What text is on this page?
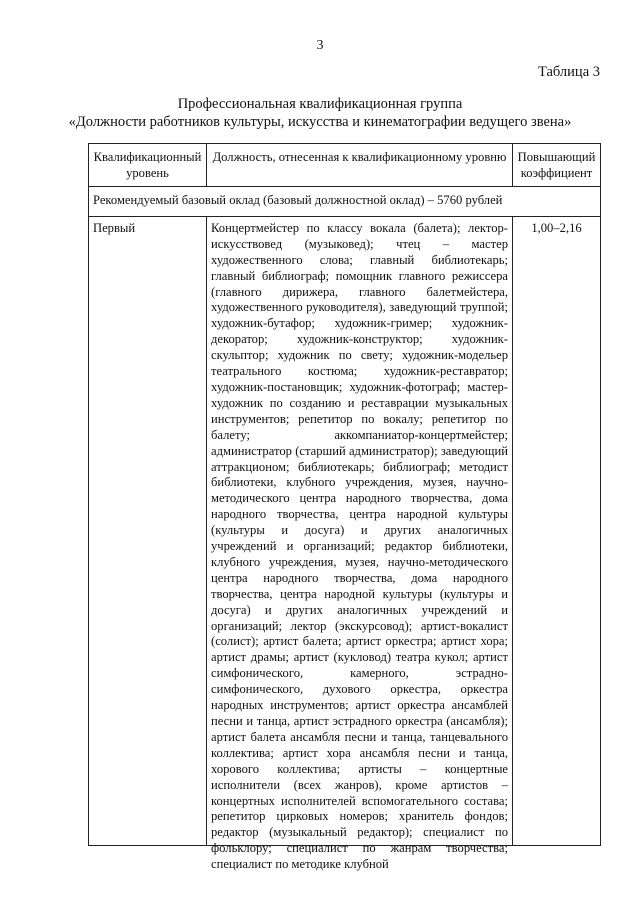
3
Таблица 3
Профессиональная квалификационная группа
«Должности работников культуры, искусства и кинематографии ведущего звена»
Квалификационный уровень	Должность, отнесенная к квалификационному уровню	Повышающий коэффициент
Рекомендуемый базовый оклад (базовый должностной оклад) – 5760 рублей		
Первый	Концертмейстер по классу вокала (балета); лектор-искусствовед (музыковед); чтец – мастер художественного слова; главный библиотекарь; главный библиограф; помощник главного режиссера (главного дирижера, главного балетмейстера, художественного руководителя), заведующий труппой; художник-бутафор; художник-гример; художник-декоратор; художник-конструктор; художник-скульптор; художник по свету; художник-модельер театрального костюма; художник-реставратор; художник-постановщик; художник-фотограф; мастер-художник по созданию и реставрации музыкальных инструментов; репетитор по вокалу; репетитор по балету; аккомпаниатор-концертмейстер; администратор (старший администратор); заведующий аттракционом; библиотекарь; библиограф; методист библиотеки, клубного учреждения, музея, научно-методического центра народного творчества, дома народного творчества, центра народной культуры (культуры и досуга) и других аналогичных учреждений и организаций; редактор библиотеки, клубного учреждения, музея, научно-методического центра народного творчества, дома народного творчества, центра народной культуры (культуры и досуга) и других аналогичных учреждений и организаций; лектор (экскурсовод); артист-вокалист (солист); артист балета; артист оркестра; артист хора; артист драмы; артист (кукловод) театра кукол; артист симфонического, камерного, эстрадно-симфонического, духового оркестра, оркестра народных инструментов; артист оркестра ансамблей песни и танца, артист эстрадного оркестра (ансамбля); артист балета ансамбля песни и танца, танцевального коллектива; артист хора ансамбля песни и танца, хорового коллектива; артисты – концертные исполнители (всех жанров), кроме артистов – концертных исполнителей вспомогательного состава; репетитор цирковых номеров; хранитель фондов; редактор (музыкальный редактор); специалист по фольклору; специалист по жанрам творчества; специалист по методике клубной	1,00–2,16
